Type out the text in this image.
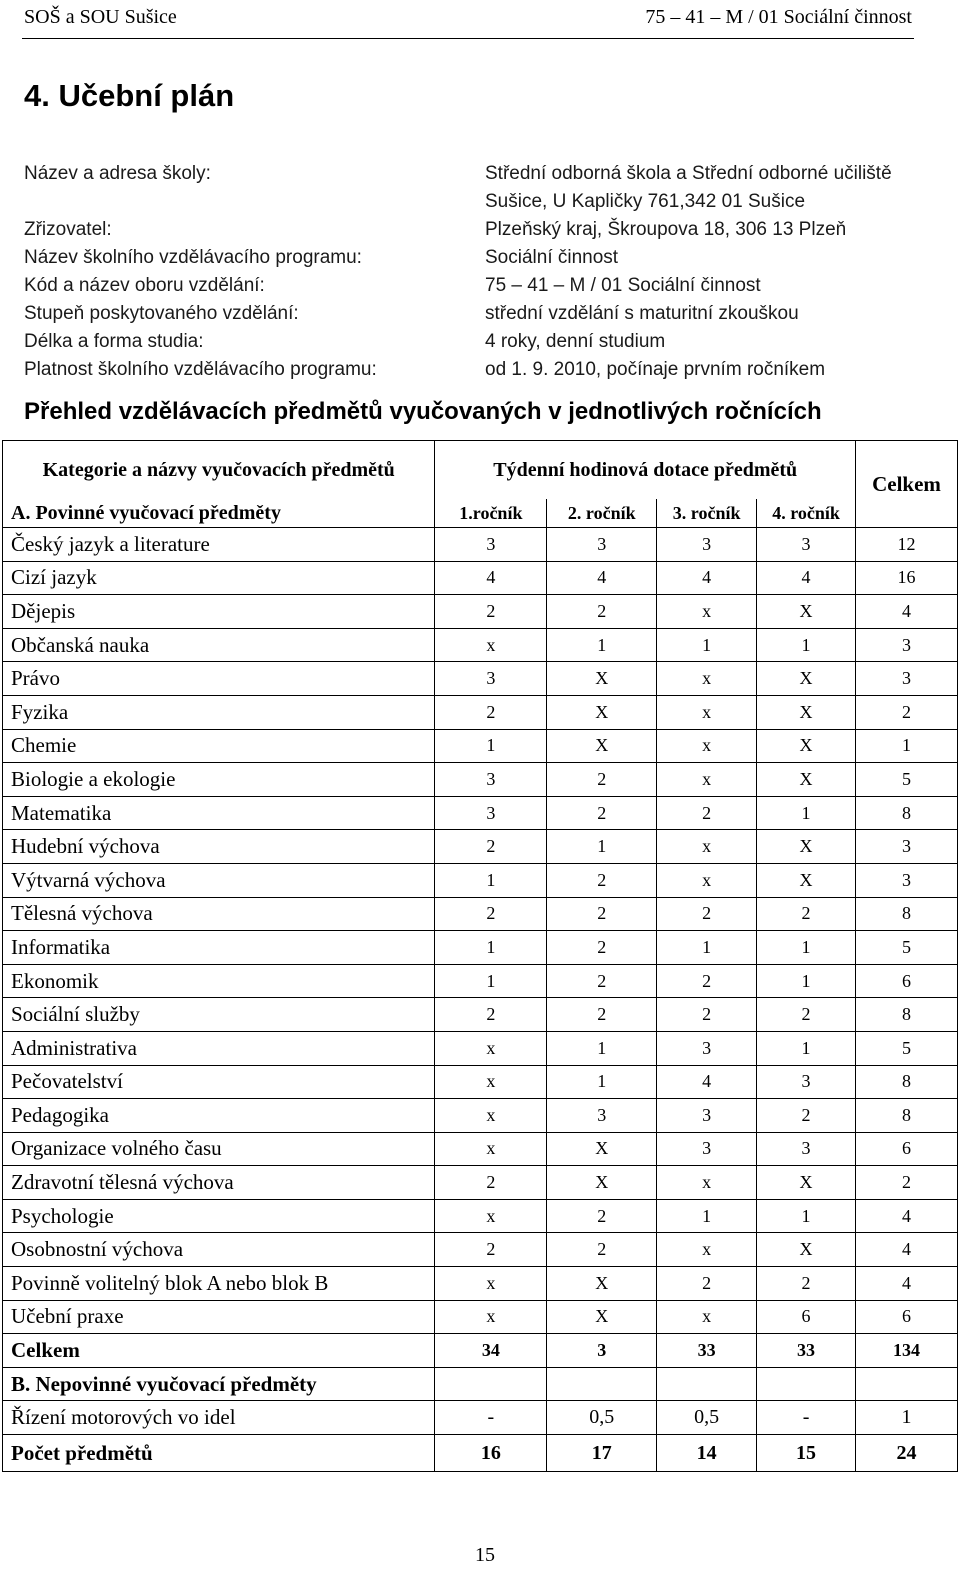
SOŠ a SOU Sušice	75 – 41 – M / 01 Sociální činnost
4. Učební plán
Název a adresa školy:	Střední odborná škola a Střední odborné učiliště Sušice, U Kapličky 761,342 01 Sušice
Zřizovatel:	Plzeňský kraj, Škroupova 18, 306 13 Plzeň
Název školního vzdělávacího programu:	Sociální činnost
Kód a název oboru vzdělání:	75 – 41 – M / 01 Sociální činnost
Stupeň poskytovaného vzdělání:	střední vzdělání s maturitní zkouškou
Délka a forma studia:	4 roky, denní studium
Platnost školního vzdělávacího programu:	od 1. 9. 2010, počínaje prvním ročníkem
Přehled vzdělávacích předmětů vyučovaných v jednotlivých ročnících
Kategorie a názvy vyučovacích předmětů	Týdenní hodinová dotace předmětů				Celkem
A. Povinné vyučovací předměty	1.ročník	2. ročník	3. ročník	4. ročník	
Český jazyk a literature	3	3	3	3	12
Cizí jazyk	4	4	4	4	16
Dějepis	2	2	x	X	4
Občanská nauka	x	1	1	1	3
Právo	3	X	x	X	3
Fyzika	2	X	x	X	2
Chemie	1	X	x	X	1
Biologie a ekologie	3	2	x	X	5
Matematika	3	2	2	1	8
Hudební výchova	2	1	x	X	3
Výtvarná výchova	1	2	x	X	3
Tělesná výchova	2	2	2	2	8
Informatika	1	2	1	1	5
Ekonomik	1	2	2	1	6
Sociální služby	2	2	2	2	8
Administrativa	x	1	3	1	5
Pečovatelství	x	1	4	3	8
Pedagogika	x	3	3	2	8
Organizace volného času	x	X	3	3	6
Zdravotní tělesná výchova	2	X	x	X	2
Psychologie	x	2	1	1	4
Osobnostní výchova	2	2	x	X	4
Povinně volitelný blok A nebo blok B	x	X	2	2	4
Učební praxe	x	X	x	6	6
Celkem	34	3	33	33	134
B. Nepovinné vyučovací předměty					
Řízení motorových vo idel	-	0,5	0,5	-	1
Počet předmětů	16	17	14	15	24
15
